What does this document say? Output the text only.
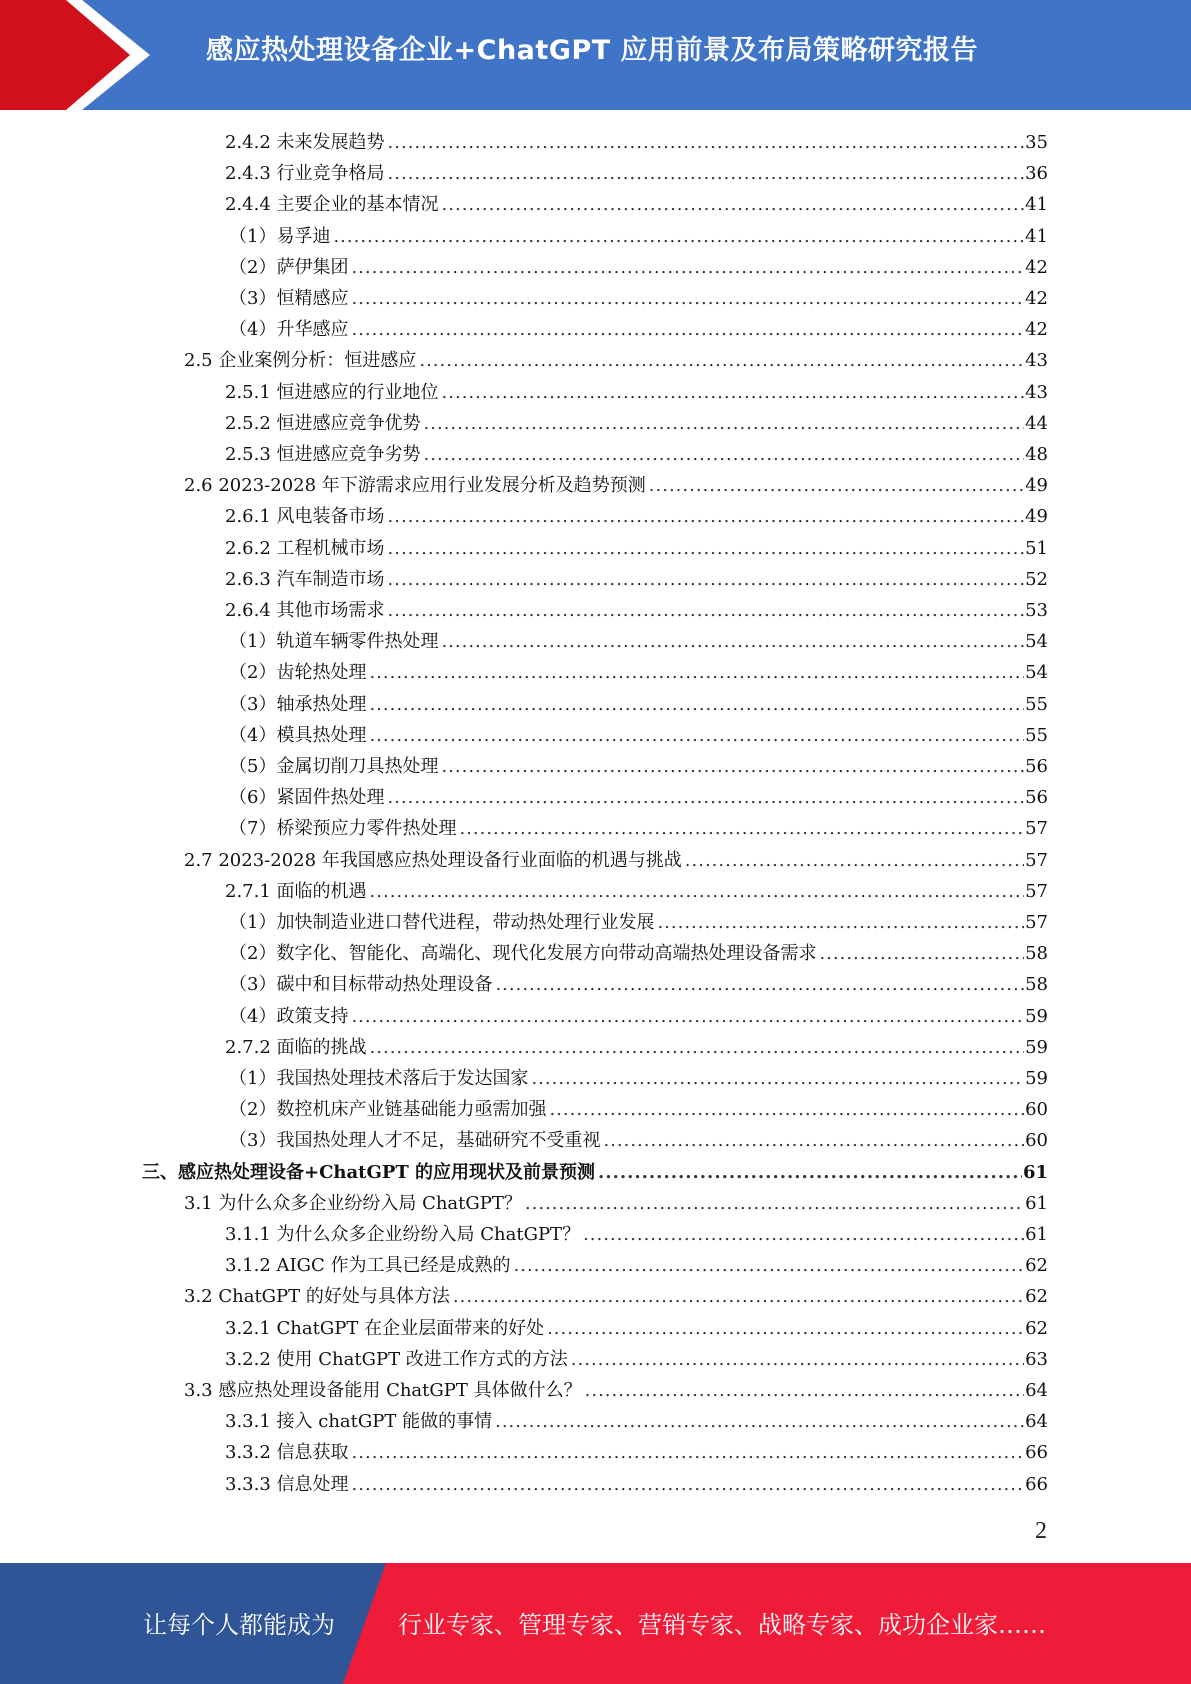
感应热处理设备企业+ChatGPT 应用前景及布局策略研究报告
2.4.2 未来发展趋势 .....	35
2.4.3 行业竞争格局 .....	36
2.4.4 主要企业的基本情况 .....	41
（1）易孚迪 .....	41
（2）萨伊集团 .....	42
（3）恒精感应 .....	42
（4）升华感应 .....	42
2.5 企业案例分析：恒进感应 .....	43
2.5.1 恒进感应的行业地位 .....	43
2.5.2 恒进感应竞争优势 .....	44
2.5.3 恒进感应竞争劣势 .....	48
2.6 2023-2028 年下游需求应用行业发展分析及趋势预测 .....	49
2.6.1 风电装备市场 .....	49
2.6.2 工程机械市场 .....	51
2.6.3 汽车制造市场 .....	52
2.6.4 其他市场需求 .....	53
（1）轨道车辆零件热处理 .....	54
（2）齿轮热处理 .....	54
（3）轴承热处理 .....	55
（4）模具热处理 .....	55
（5）金属切削刀具热处理 .....	56
（6）紧固件热处理 .....	56
（7）桥梁预应力零件热处理 .....	57
2.7 2023-2028 年我国感应热处理设备行业面临的机遇与挑战 .....	57
2.7.1 面临的机遇 .....	57
（1）加快制造业进口替代进程，带动热处理行业发展 .....	57
（2）数字化、智能化、高端化、现代化发展方向带动高端热处理设备需求 .....	58
（3）碳中和目标带动热处理设备 .....	58
（4）政策支持 .....	59
2.7.2 面临的挑战 .....	59
（1）我国热处理技术落后于发达国家 .....	59
（2）数控机床产业链基础能力亟需加强 .....	60
（3）我国热处理人才不足，基础研究不受重视 .....	60
三、感应热处理设备+ChatGPT 的应用现状及前景预测 .....	61
3.1 为什么众多企业纷纷入局 ChatGPT？ .....	61
3.1.1 为什么众多企业纷纷入局 ChatGPT？ .....	61
3.1.2 AIGC 作为工具已经是成熟的 .....	62
3.2 ChatGPT 的好处与具体方法 .....	62
3.2.1 ChatGPT 在企业层面带来的好处 .....	62
3.2.2 使用 ChatGPT 改进工作方式的方法 .....	63
3.3 感应热处理设备能用 ChatGPT 具体做什么？ .....	64
3.3.1 接入 chatGPT 能做的事情 .....	64
3.3.2 信息获取 .....	66
3.3.3 信息处理 .....	66
2
让每个人都能成为	行业专家、管理专家、营销专家、战略专家、成功企业家……
